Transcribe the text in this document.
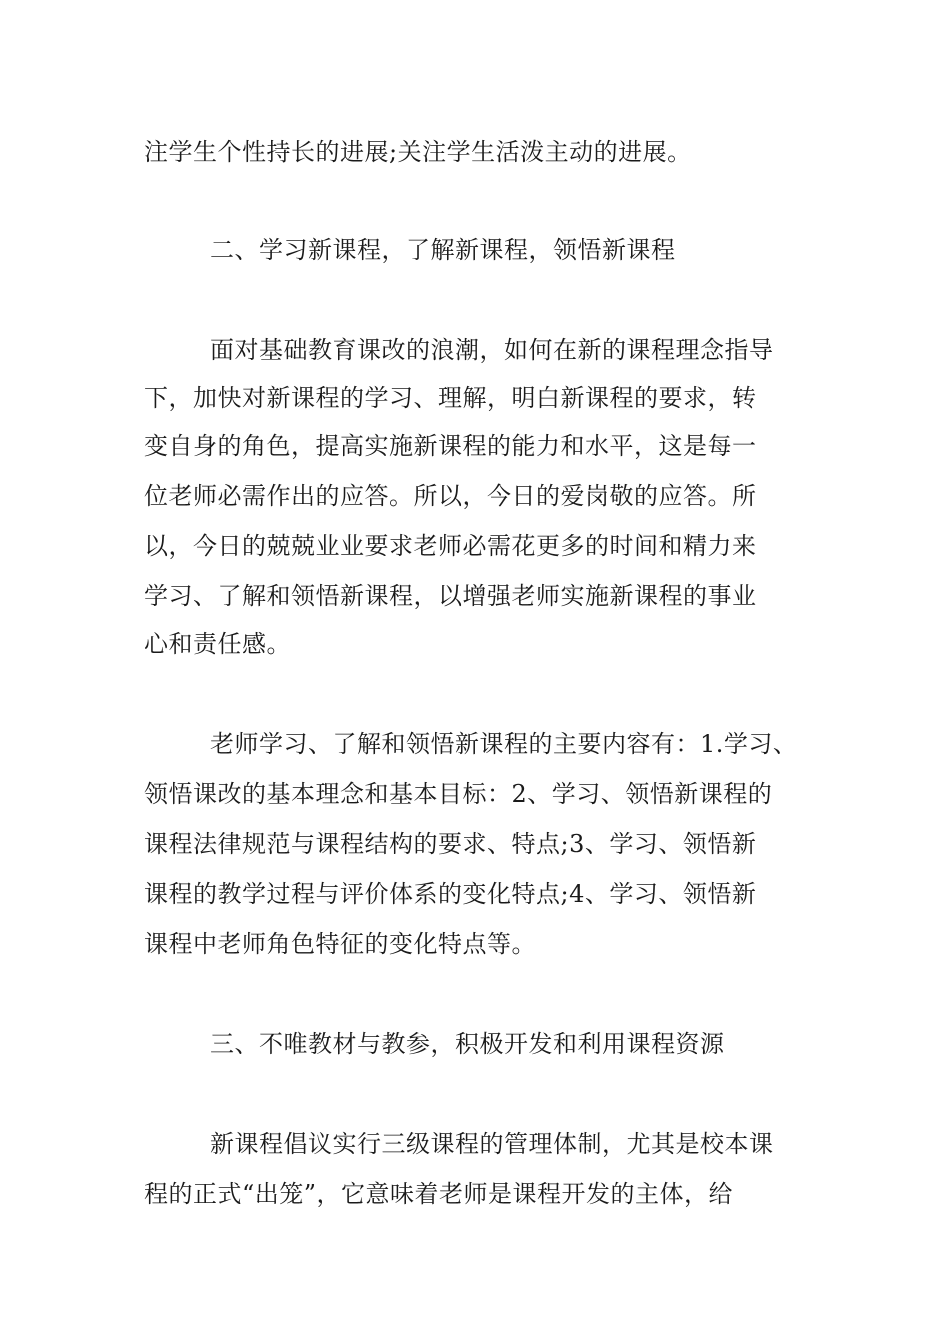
注学生个性持长的进展;关注学生活泼主动的进展。
二、学习新课程，了解新课程，领悟新课程
面对基础教育课改的浪潮，如何在新的课程理念指导
下，加快对新课程的学习、理解，明白新课程的要求，转
变自身的角色，提高实施新课程的能力和水平，这是每一
位老师必需作出的应答。所以，今日的爱岗敬的应答。所
以，今日的兢兢业业要求老师必需花更多的时间和精力来
学习、了解和领悟新课程，以增强老师实施新课程的事业
心和责任感。
老师学习、了解和领悟新课程的主要内容有：1.学习、
领悟课改的基本理念和基本目标：2、学习、领悟新课程的
课程法律规范与课程结构的要求、特点;3、学习、领悟新
课程的教学过程与评价体系的变化特点;4、学习、领悟新
课程中老师角色特征的变化特点等。
三、不唯教材与教参，积极开发和利用课程资源
新课程倡议实行三级课程的管理体制，尤其是校本课
程的正式“出笼”，它意味着老师是课程开发的主体，给
